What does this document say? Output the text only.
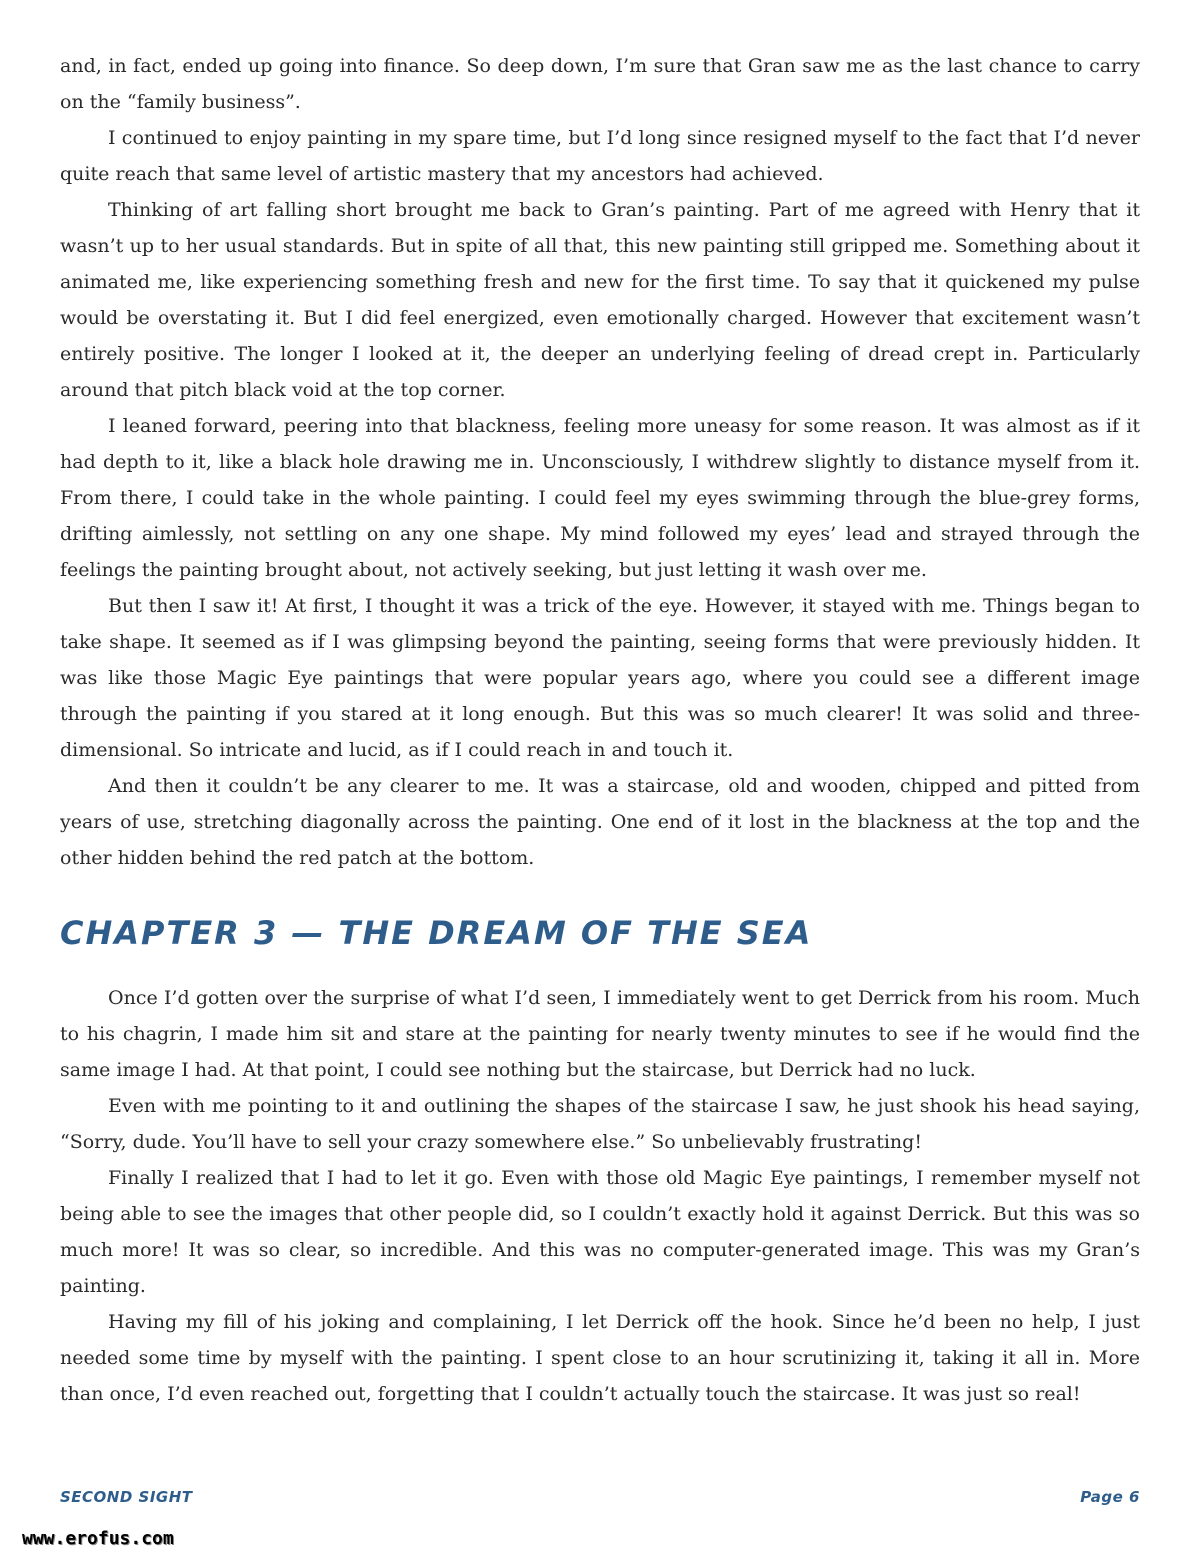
and, in fact, ended up going into finance. So deep down, I’m sure that Gran saw me as the last chance to carry on the “family business”.

I continued to enjoy painting in my spare time, but I’d long since resigned myself to the fact that I’d never quite reach that same level of artistic mastery that my ancestors had achieved.

Thinking of art falling short brought me back to Gran’s painting. Part of me agreed with Henry that it wasn’t up to her usual standards. But in spite of all that, this new painting still gripped me. Something about it animated me, like experiencing something fresh and new for the first time. To say that it quickened my pulse would be overstating it. But I did feel energized, even emotionally charged. However that excitement wasn’t entirely positive. The longer I looked at it, the deeper an underlying feeling of dread crept in. Particularly around that pitch black void at the top corner.

I leaned forward, peering into that blackness, feeling more uneasy for some reason. It was almost as if it had depth to it, like a black hole drawing me in. Unconsciously, I withdrew slightly to distance myself from it. From there, I could take in the whole painting. I could feel my eyes swimming through the blue-grey forms, drifting aimlessly, not settling on any one shape. My mind followed my eyes’ lead and strayed through the feelings the painting brought about, not actively seeking, but just letting it wash over me.

But then I saw it! At first, I thought it was a trick of the eye. However, it stayed with me. Things began to take shape. It seemed as if I was glimpsing beyond the painting, seeing forms that were previously hidden. It was like those Magic Eye paintings that were popular years ago, where you could see a different image through the painting if you stared at it long enough. But this was so much clearer! It was solid and three-dimensional. So intricate and lucid, as if I could reach in and touch it.

And then it couldn’t be any clearer to me. It was a staircase, old and wooden, chipped and pitted from years of use, stretching diagonally across the painting. One end of it lost in the blackness at the top and the other hidden behind the red patch at the bottom.

CHAPTER 3 — THE DREAM OF THE SEA

Once I’d gotten over the surprise of what I’d seen, I immediately went to get Derrick from his room. Much to his chagrin, I made him sit and stare at the painting for nearly twenty minutes to see if he would find the same image I had. At that point, I could see nothing but the staircase, but Derrick had no luck.

Even with me pointing to it and outlining the shapes of the staircase I saw, he just shook his head saying, “Sorry, dude. You’ll have to sell your crazy somewhere else.” So unbelievably frustrating!

Finally I realized that I had to let it go. Even with those old Magic Eye paintings, I remember myself not being able to see the images that other people did, so I couldn’t exactly hold it against Derrick. But this was so much more! It was so clear, so incredible. And this was no computer-generated image. This was my Gran’s painting.

Having my fill of his joking and complaining, I let Derrick off the hook. Since he’d been no help, I just needed some time by myself with the painting. I spent close to an hour scrutinizing it, taking it all in. More than once, I’d even reached out, forgetting that I couldn’t actually touch the staircase. It was just so real!

SECOND SIGHT	Page 6
www.erofus.com
